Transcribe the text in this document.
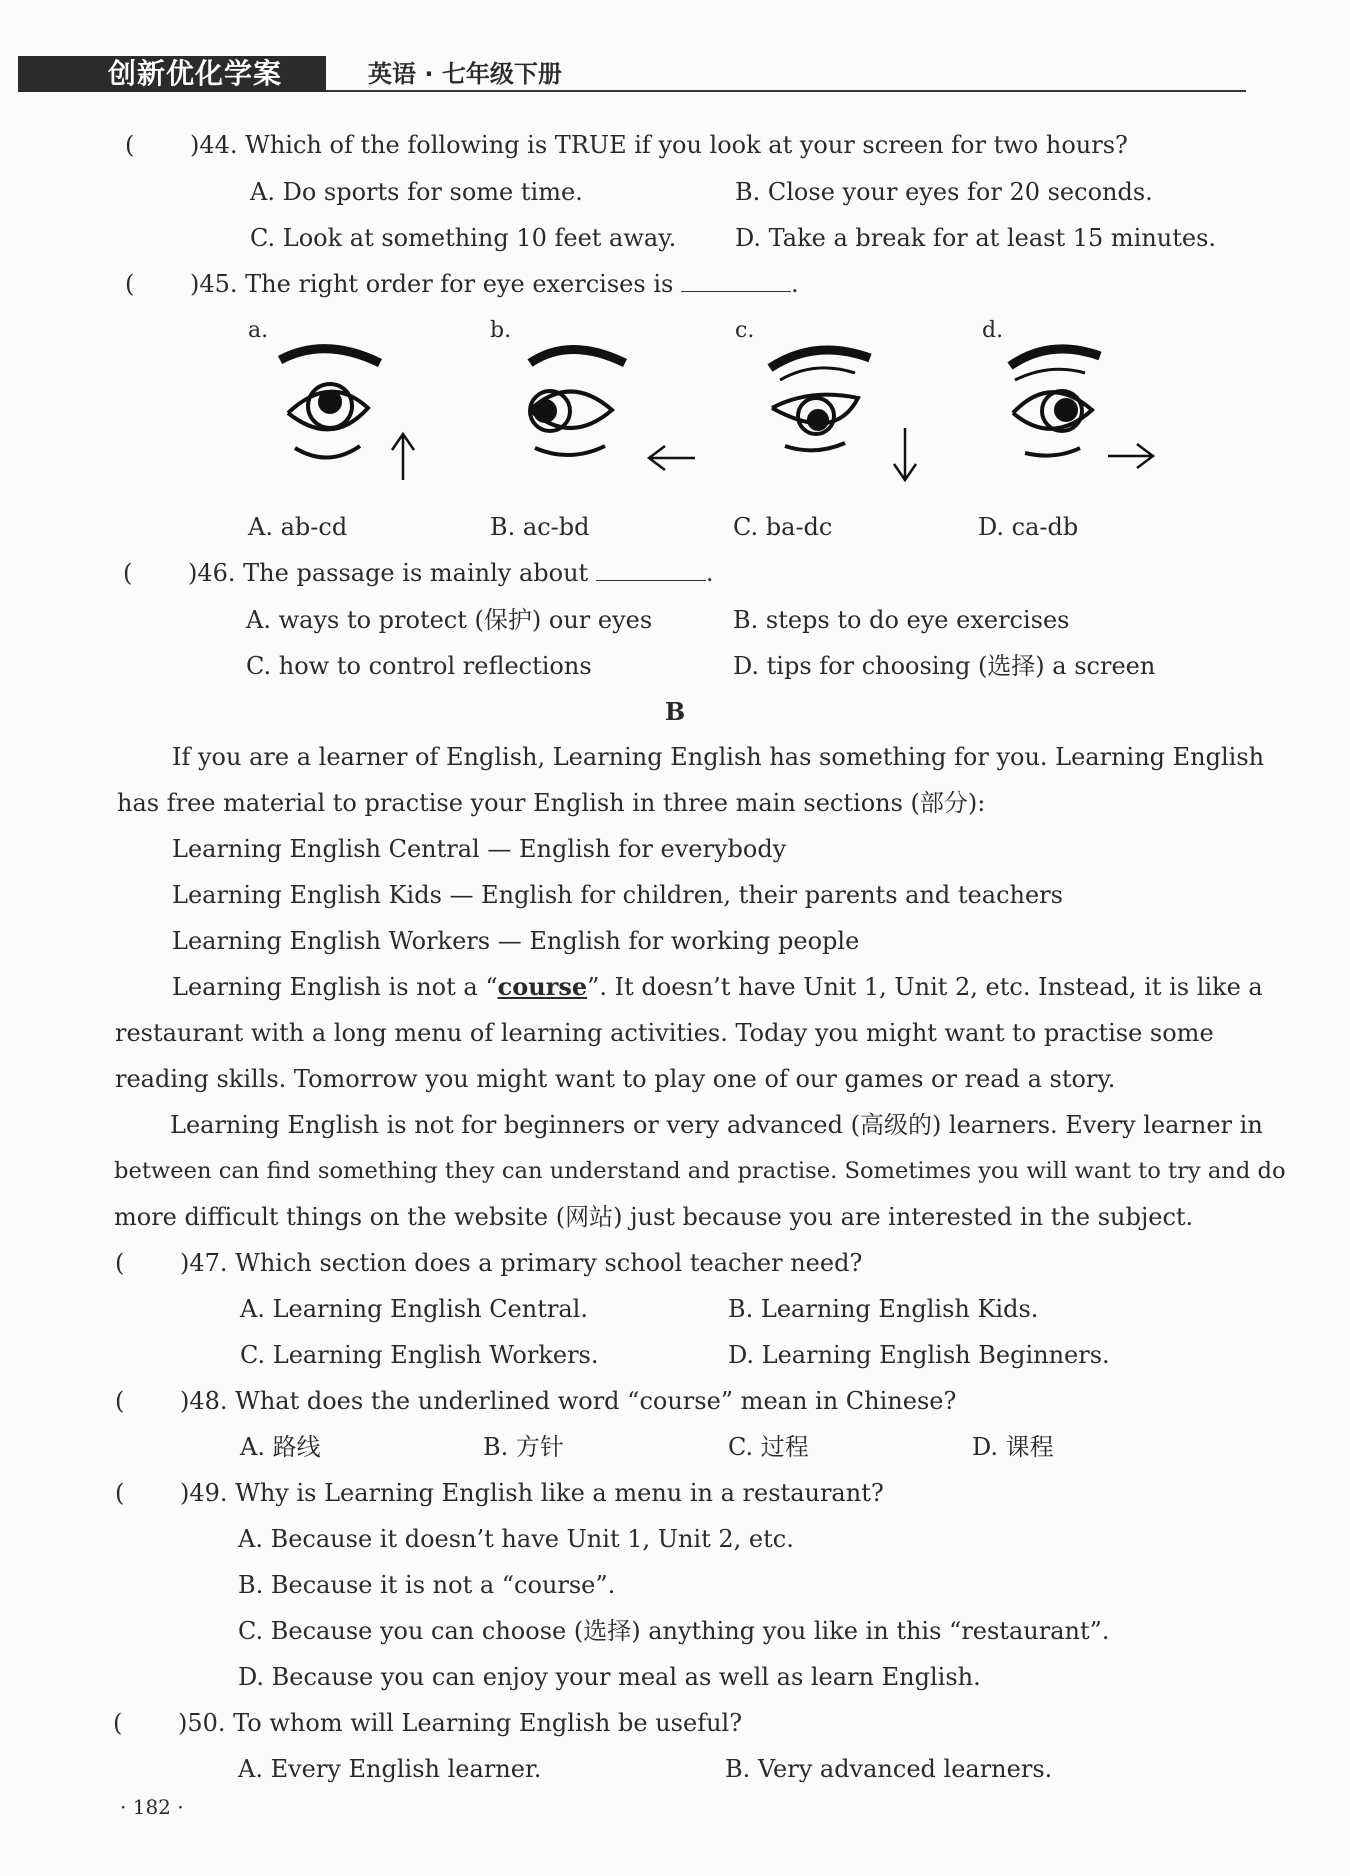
创新优化学案	英语 · 七年级下册
( )44. Which of the following is TRUE if you look at your screen for two hours?
A. Do sports for some time.	B. Close your eyes for 20 seconds.
C. Look at something 10 feet away. D. Take a break for at least 15 minutes.
( )45. The right order for eye exercises is	.
a.	b.	c.	d.
A. ab-cd	B. ac-bd	C. ba-dc	D. ca-db
( )46. The passage is mainly about	.
A. ways to protect (保护) our eyes	B. steps to do eye exercises
C. how to control reflections	D. tips for choosing (选择) a screen
B
If you are a learner of English, Learning English has something for you. Learning English
has free material to practise your English in three main sections (部分):
Learning English Central — English for everybody
Learning English Kids — English for children, their parents and teachers
Learning English Workers — English for working people
Learning English is not a “course”. It doesn’t have Unit 1, Unit 2, etc. Instead, it is like a
restaurant with a long menu of learning activities. Today you might want to practise some
reading skills. Tomorrow you might want to play one of our games or read a story.
Learning English is not for beginners or very advanced (高级的) learners. Every learner in
between can find something they can understand and practise. Sometimes you will want to try and do
more difficult things on the website (网站) just because you are interested in the subject.
( )47. Which section does a primary school teacher need?
A. Learning English Central.	B. Learning English Kids.
C. Learning English Workers.	D. Learning English Beginners.
( )48. What does the underlined word “course” mean in Chinese?
A. 路线	B. 方针	C. 过程	D. 课程
( )49. Why is Learning English like a menu in a restaurant?
A. Because it doesn’t have Unit 1, Unit 2, etc.
B. Because it is not a “course”.
C. Because you can choose (选择) anything you like in this “restaurant”.
D. Because you can enjoy your meal as well as learn English.
( )50. To whom will Learning English be useful?
A. Every English learner.	B. Very advanced learners.
· 182 ·
